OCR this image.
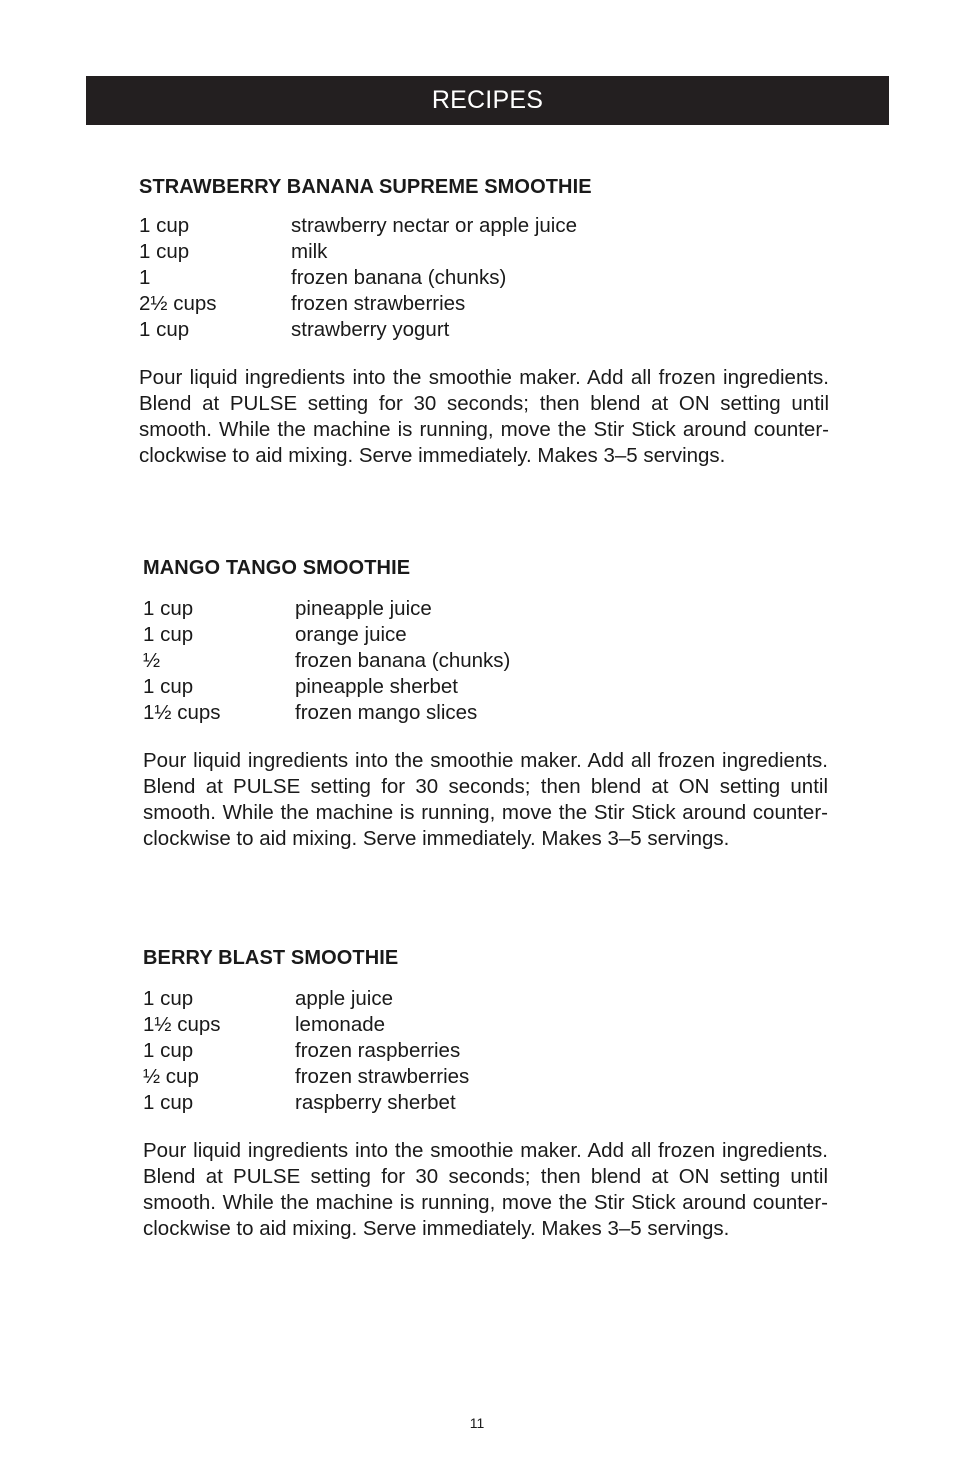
RECIPES
STRAWBERRY BANANA SUPREME SMOOTHIE
1 cup	strawberry nectar or apple juice
1 cup	milk
1	frozen banana (chunks)
2½ cups	frozen strawberries
1 cup	strawberry yogurt

Pour liquid ingredients into the smoothie maker. Add all frozen ingredients. Blend at PULSE setting for 30 seconds; then blend at ON setting until smooth. While the machine is running, move the Stir Stick around counter-clockwise to aid mixing. Serve immediately. Makes 3–5 servings.

MANGO TANGO SMOOTHIE
1 cup	pineapple juice
1 cup	orange juice
½	frozen banana (chunks)
1 cup	pineapple sherbet
1½ cups	frozen mango slices

Pour liquid ingredients into the smoothie maker. Add all frozen ingredients. Blend at PULSE setting for 30 seconds; then blend at ON setting until smooth. While the machine is running, move the Stir Stick around counter-clockwise to aid mixing. Serve immediately. Makes 3–5 servings.

BERRY BLAST SMOOTHIE
1 cup	apple juice
1½ cups	lemonade
1 cup	frozen raspberries
½ cup	frozen strawberries
1 cup	raspberry sherbet

Pour liquid ingredients into the smoothie maker. Add all frozen ingredients. Blend at PULSE setting for 30 seconds; then blend at ON setting until smooth. While the machine is running, move the Stir Stick around counter-clockwise to aid mixing. Serve immediately. Makes 3–5 servings.

11
